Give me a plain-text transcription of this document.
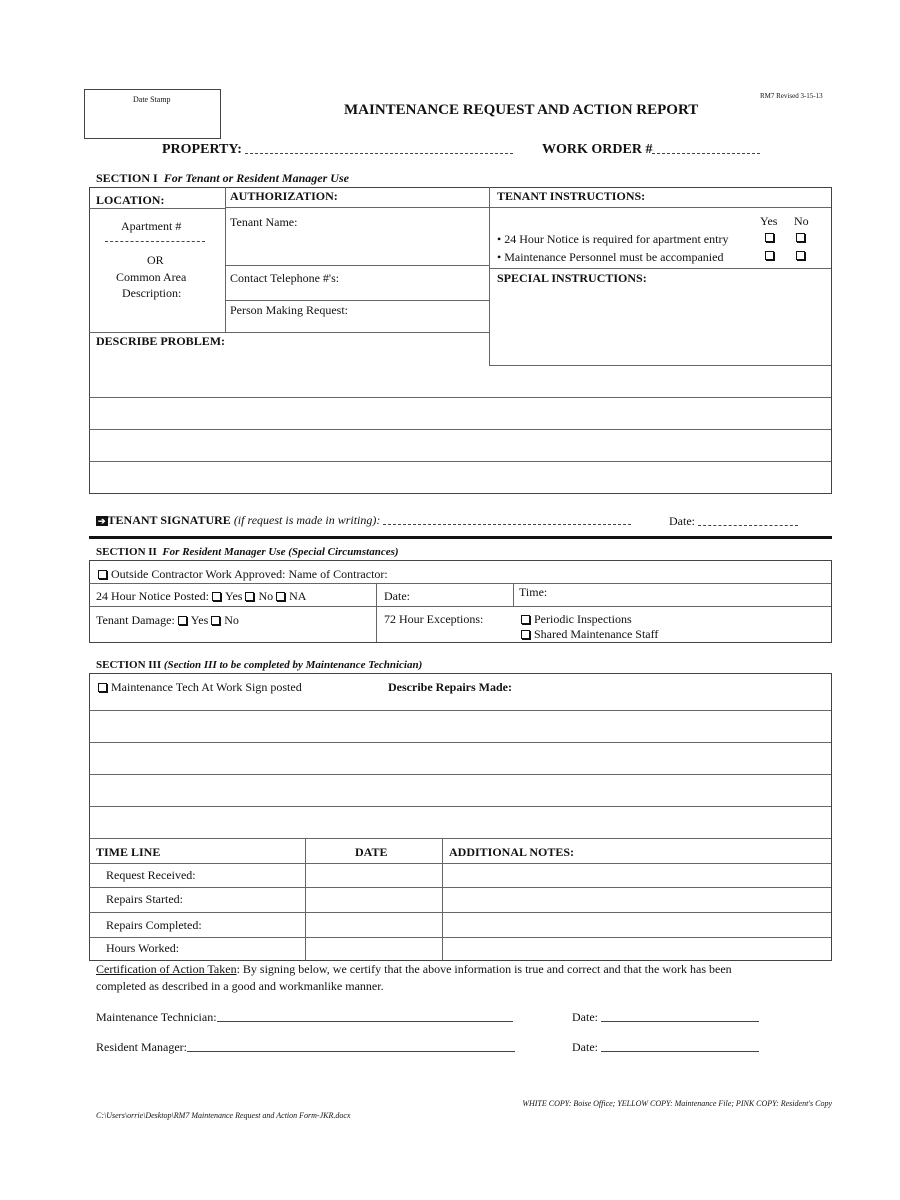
Date Stamp	RM7 Revised 3-15-13
MAINTENANCE REQUEST AND ACTION REPORT
PROPERTY:	WORK ORDER #
SECTION I For Tenant or Resident Manager Use
LOCATION:	AUTHORIZATION:	TENANT INSTRUCTIONS:
Apartment #
OR
Common Area
Description:
Tenant Name:
Contact Telephone #'s:
Person Making Request:
Yes No
• 24 Hour Notice is required for apartment entry
• Maintenance Personnel must be accompanied
SPECIAL INSTRUCTIONS:
DESCRIBE PROBLEM:
➔ TENANT SIGNATURE (if request is made in writing):	Date:
SECTION II For Resident Manager Use (Special Circumstances)
Outside Contractor Work Approved: Name of Contractor:
24 Hour Notice Posted: Yes No NA	Date:	Time:
Tenant Damage: Yes No	72 Hour Exceptions:	Periodic Inspections
Shared Maintenance Staff
SECTION III (Section III to be completed by Maintenance Technician)
Maintenance Tech At Work Sign posted	Describe Repairs Made:
TIME LINE	DATE	ADDITIONAL NOTES:
Request Received:
Repairs Started:
Repairs Completed:
Hours Worked:
Certification of Action Taken: By signing below, we certify that the above information is true and correct and that the work has been
completed as described in a good and workmanlike manner.
Maintenance Technician:	Date:
Resident Manager:	Date:
WHITE COPY: Boise Office; YELLOW COPY: Maintenance File; PINK COPY: Resident's Copy
C:\Users\orrie\Desktop\RM7 Maintenance Request and Action Form-JKR.docx
